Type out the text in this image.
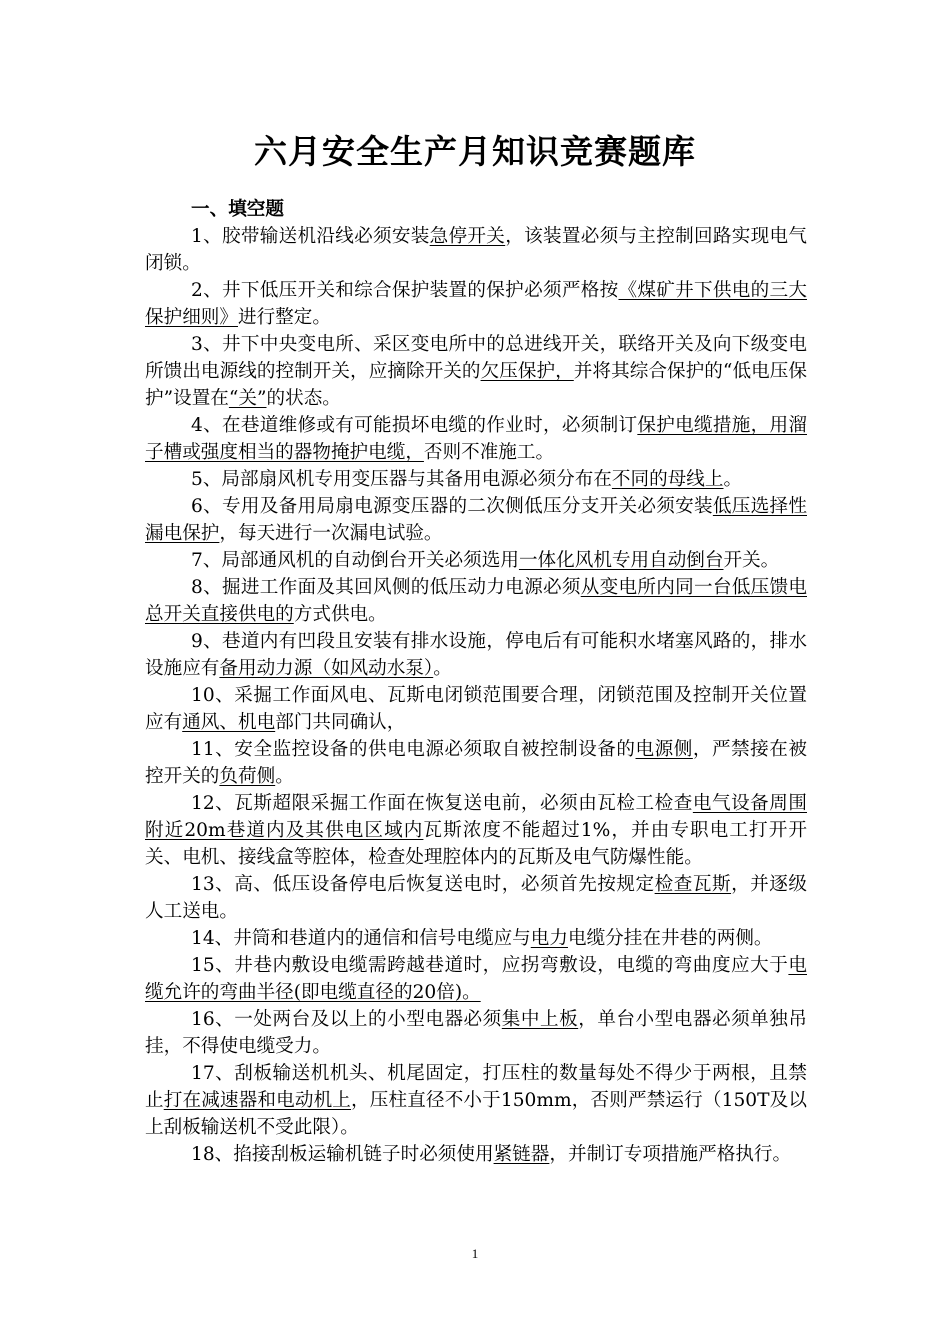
六月安全生产月知识竞赛题库

一、填空题

1、胶带输送机沿线必须安装急停开关，该装置必须与主控制回路实现电气闭锁。

2、井下低压开关和综合保护装置的保护必须严格按《煤矿井下供电的三大保护细则》进行整定。

3、井下中央变电所、采区变电所中的总进线开关，联络开关及向下级变电所馈出电源线的控制开关，应摘除开关的欠压保护，并将其综合保护的“低电压保护”设置在“关”的状态。

4、在巷道维修或有可能损坏电缆的作业时，必须制订保护电缆措施，用溜子槽或强度相当的器物掩护电缆，否则不准施工。

5、局部扇风机专用变压器与其备用电源必须分布在不同的母线上。

6、专用及备用局扇电源变压器的二次侧低压分支开关必须安装低压选择性漏电保护，每天进行一次漏电试验。

7、局部通风机的自动倒台开关必须选用一体化风机专用自动倒台开关。

8、掘进工作面及其回风侧的低压动力电源必须从变电所内同一台低压馈电总开关直接供电的方式供电。

9、巷道内有凹段且安装有排水设施，停电后有可能积水堵塞风路的，排水设施应有备用动力源（如风动水泵）。

10、采掘工作面风电、瓦斯电闭锁范围要合理，闭锁范围及控制开关位置应有通风、机电部门共同确认，

11、安全监控设备的供电电源必须取自被控制设备的电源侧，严禁接在被控开关的负荷侧。

12、瓦斯超限采掘工作面在恢复送电前，必须由瓦检工检查电气设备周围附近20m巷道内及其供电区域内瓦斯浓度不能超过1%，并由专职电工打开开关、电机、接线盒等腔体，检查处理腔体内的瓦斯及电气防爆性能。

13、高、低压设备停电后恢复送电时，必须首先按规定检查瓦斯，并逐级人工送电。

14、井筒和巷道内的通信和信号电缆应与电力电缆分挂在井巷的两侧。

15、井巷内敷设电缆需跨越巷道时，应拐弯敷设，电缆的弯曲度应大于电缆允许的弯曲半径(即电缆直径的20倍)。

16、一处两台及以上的小型电器必须集中上板，单台小型电器必须单独吊挂，不得使电缆受力。

17、刮板输送机机头、机尾固定，打压柱的数量每处不得少于两根，且禁止打在减速器和电动机上，压柱直径不小于150mm，否则严禁运行（150T及以上刮板输送机不受此限）。

18、掐接刮板运输机链子时必须使用紧链器，并制订专项措施严格执行。

1
